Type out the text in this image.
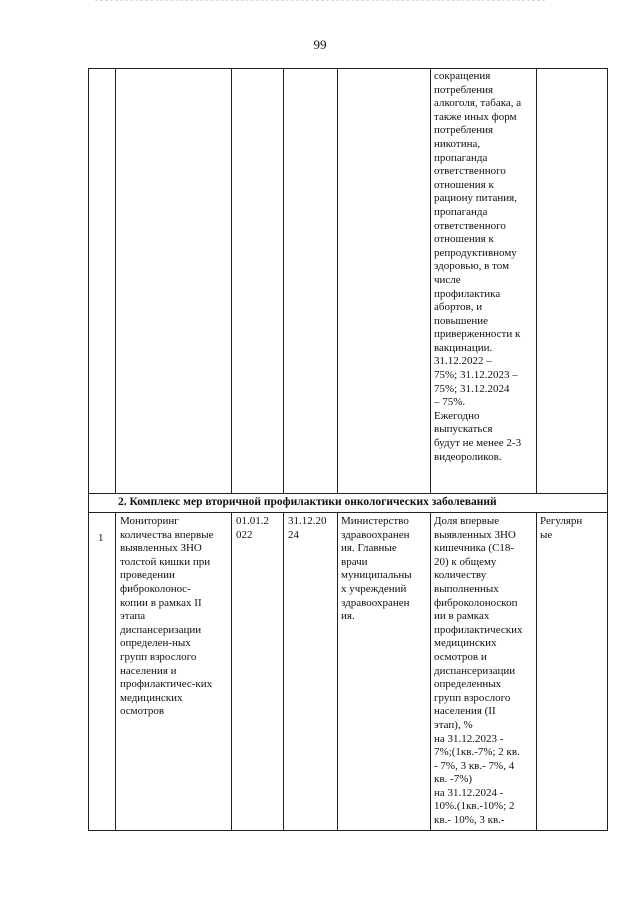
99
сокращения
потребления
алкоголя, табака, а
также иных форм
потребления
никотина,
пропаганда
ответственного
отношения к
рациону питания,
пропаганда
ответственного
отношения к
репродуктивному
здоровью, в том
числе
профилактика
абортов, и
повышение
приверженности к
вакцинации.
31.12.2022 –
75%; 31.12.2023 –
75%; 31.12.2024
– 75%.
Ежегодно
выпускаться
будут не менее 2-3
видеороликов.
2. Комплекс мер вторичной профилактики онкологических заболеваний
1
Мониторинг
количества впервые
выявленных ЗНО
толстой кишки при
проведении
фиброколоноc-
копии в рамках II
этапа
диспансеризации
определен-ных
групп взрослого
населения и
профилактичес-ких
медицинских
осмотров
01.01.2
022
31.12.20
24
Министерство
здравоохранен
ия. Главные
врачи
муниципальны
х учреждений
здравоохранен
ия.
Доля впервые
выявленных ЗНО
кишечника (С18-
20) к общему
количеству
выполненных
фиброколоноскоп
ии в рамках
профилактических
медицинских
осмотров и
диспансеризации
определенных
групп взрослого
населения (II
этап), %
на 31.12.2023 -
7%;(1кв.-7%; 2 кв.
- 7%, 3 кв.- 7%, 4
кв. -7%)
на 31.12.2024 -
10%.(1кв.-10%; 2
кв.- 10%, 3 кв.-
Регулярн
ые
